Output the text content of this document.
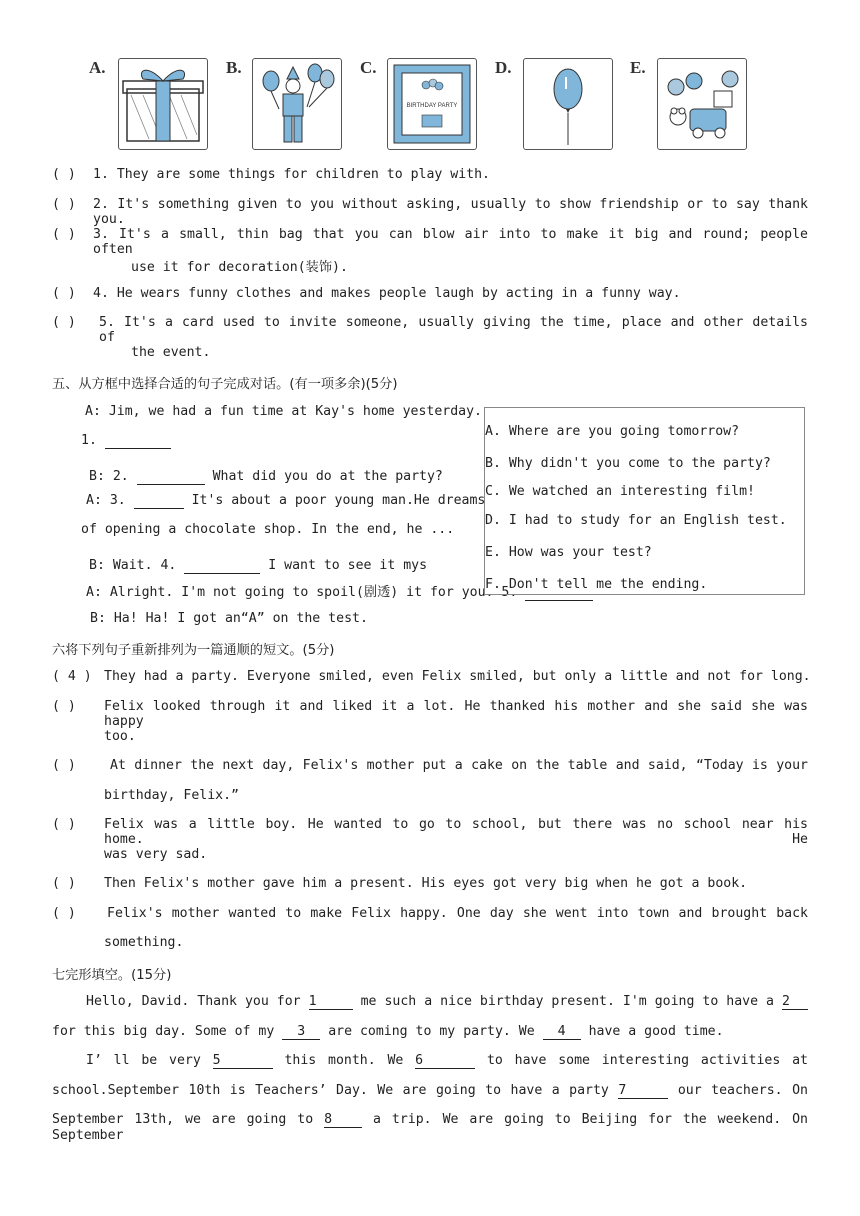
A.	B.	C.
BIRTHDAY PARTY
D.	E.
( ) 1. They are some things for children to play with.
( ) 2. It's something given to you without asking, usually to show friendship or to say thank you.
( ) 3. It's a small, thin bag that you can blow air into to make it big and round; people often
use it for decoration(装饰).
( ) 4. He wears funny clothes and makes people laugh by acting in a funny way.
( ) 5. It's a card used to invite someone, usually giving the time, place and other details of
the event.
五、从方框中选择合适的句子完成对话。(有一项多余)(5分)
A: Jim, we had a fun time at Kay's home yesterday.
1.
B: 2.	What did you do at the party?
A: 3.	It's about a poor young man.He dreams
of opening a chocolate shop. In the end, he ...
B: Wait. 4.	I want to see it mys
A: Alright. I'm not going to spoil(剧透) it for you. 5.
B: Ha! Ha! I got an“A” on the test.
A. Where are you going tomorrow?
B. Why didn't you come to the party?
C. We watched an interesting film!
D. I had to study for an English test.
E. How was your test?
F. Don't tell me the ending.
六将下列句子重新排列为一篇通顺的短文。(5分)
( 4 ) They had a party. Everyone smiled, even Felix smiled, but only a little and not for long.
( ) Felix looked through it and liked it a lot. He thanked his mother and she said she was happy
too.
( )	At dinner the next day, Felix's mother put a cake on the table and said, “Today is your
birthday, Felix.”
( ) Felix was a little boy. He wanted to go to school, but there was no school near his home. He
was very sad.
( ) Then Felix's mother gave him a present. His eyes got very big when he got a book.
( ) Felix's mother wanted to make Felix happy. One day she went into town and brought back
something.
七完形填空。(15分)
Hello, David. Thank you for 1	me such a nice birthday present. I'm going to have a 2
for this big day. Some of my 3 are coming to my party. We 4 have a good time.
I’ ll be very 5	this month. We 6	to have some interesting activities at
school.September 10th is Teachers’ Day. We are going to have a party 7	our teachers. On
September 13th, we are going to 8	a trip. We are going to Beijing for the weekend. On September
